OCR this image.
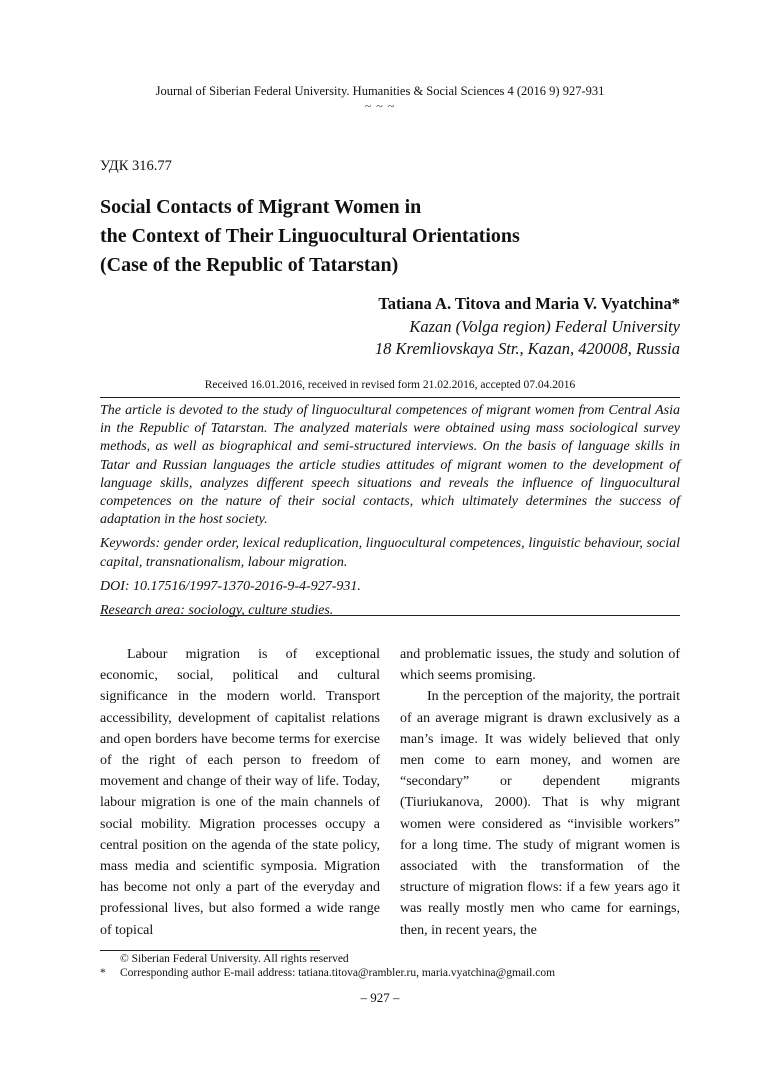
Journal of Siberian Federal University. Humanities & Social Sciences 4 (2016 9) 927-931
~ ~ ~
УДК 316.77
Social Contacts of Migrant Women in
the Context of Their Linguocultural Orientations
(Case of the Republic of Tatarstan)
Tatiana A. Titova and Maria V. Vyatchina*
Kazan (Volga region) Federal University
18 Kremliovskaya Str., Kazan, 420008, Russia
Received 16.01.2016, received in revised form 21.02.2016, accepted 07.04.2016

The article is devoted to the study of linguocultural competences of migrant women from Central Asia in the Republic of Tatarstan. The analyzed materials were obtained using mass sociological survey methods, as well as biographical and semi-structured interviews. On the basis of language skills in Tatar and Russian languages the article studies attitudes of migrant women to the development of language skills, analyzes different speech situations and reveals the influence of linguocultural competences on the nature of their social contacts, which ultimately determines the success of adaptation in the host society.

Keywords: gender order, lexical reduplication, linguocultural competences, linguistic behaviour, social capital, transnationalism, labour migration.

DOI: 10.17516/1997-1370-2016-9-4-927-931.

Research area: sociology, culture studies.

Labour migration is of exceptional economic, social, political and cultural significance in the modern world. Transport accessibility, development of capitalist relations and open borders have become terms for exercise of the right of each person to freedom of movement and change of their way of life. Today, labour migration is one of the main channels of social mobility. Migration processes occupy a central position on the agenda of the state policy, mass media and scientific symposia. Migration has become not only a part of the everyday and professional lives, but also formed a wide range of topical

and problematic issues, the study and solution of which seems promising.

In the perception of the majority, the portrait of an average migrant is drawn exclusively as a man’s image. It was widely believed that only men come to earn money, and women are “secondary” or dependent migrants (Tiuriukanova, 2000). That is why migrant women were considered as “invisible workers” for a long time. The study of migrant women is associated with the transformation of the structure of migration flows: if a few years ago it was really mostly men who came for earnings, then, in recent years, the

© Siberian Federal University. All rights reserved
* Corresponding author E-mail address: tatiana.titova@rambler.ru, maria.vyatchina@gmail.com
– 927 –
